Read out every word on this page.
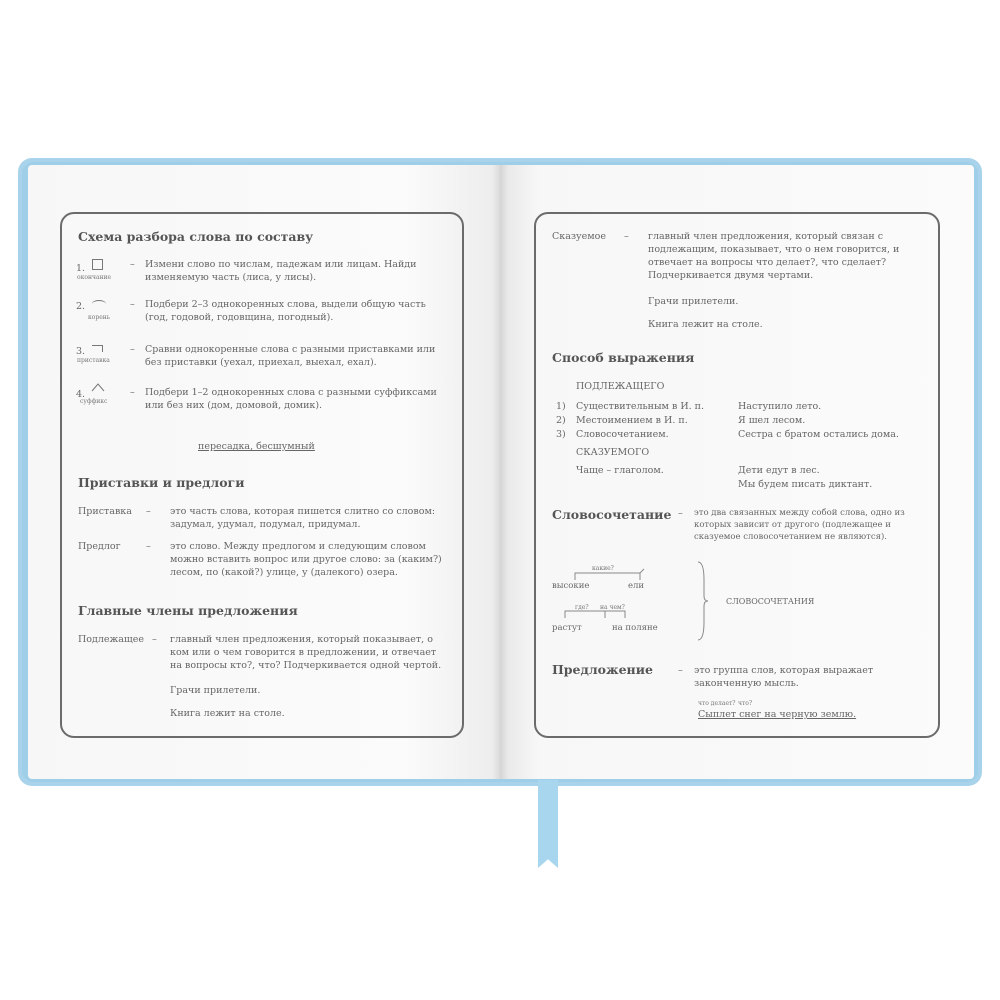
Схема разбора слова по составу
1.
окончание
–	Измени слово по числам, падежам или лицам. Найди изменяемую часть (лиса, у лисы).
2.
корень
–	Подбери 2–3 однокоренных слова, выдели общую часть (год, годовой, годовщина, погодный).
3.
приставка
–	Сравни однокоренные слова с разными приставками или без приставки (уехал, приехал, выехал, ехал).
4.
суффикс
–	Подбери 1–2 однокоренных слова с разными суффиксами или без них (дом, домовой, домик).
пересадка, бесшумный
Приставки и предлоги
Приставка – это часть слова, которая пишется слитно со словом: задумал, удумал, подумал, придумал.
Предлог	– это слово. Между предлогом и следующим словом можно вставить вопрос или другое слово: за (каким?) лесом, по (какой?) улице, у (далекого) озера.
Главные члены предложения
Подлежащее – главный член предложения, который показывает, о ком или о чем говорится в предложении, и отвечает на вопросы кто?, что? Подчеркивается одной чертой.
Грачи прилетели.
Книга лежит на столе.
Сказуемое – главный член предложения, который связан с подлежащим, показывает, что о нем говорится, и отвечает на вопросы что делает?, что сделает? Подчеркивается двумя чертами.
Грачи прилетели.
Книга лежит на столе.
Способ выражения
ПОДЛЕЖАЩЕГО
1) Существительным в И. п.	Наступило лето.
2) Местоимением в И. п.	Я шел лесом.
3) Словосочетанием.	Сестра с братом остались дома.
СКАЗУЕМОГО
Чаще – глаголом.	Дети едут в лес.
Мы будем писать диктант.
Словосочетание – это два связанных между собой слова, одно из которых зависит от другого (подлежащее и сказуемое словосочетанием не являются).
какие?
высокие	ели
где? на чем?
растут	на поляне
СЛОВОСОЧЕТАНИЯ
Предложение	– это группа слов, которая выражает законченную мысль.
что делает? что?
Сыплет снег на черную землю.
